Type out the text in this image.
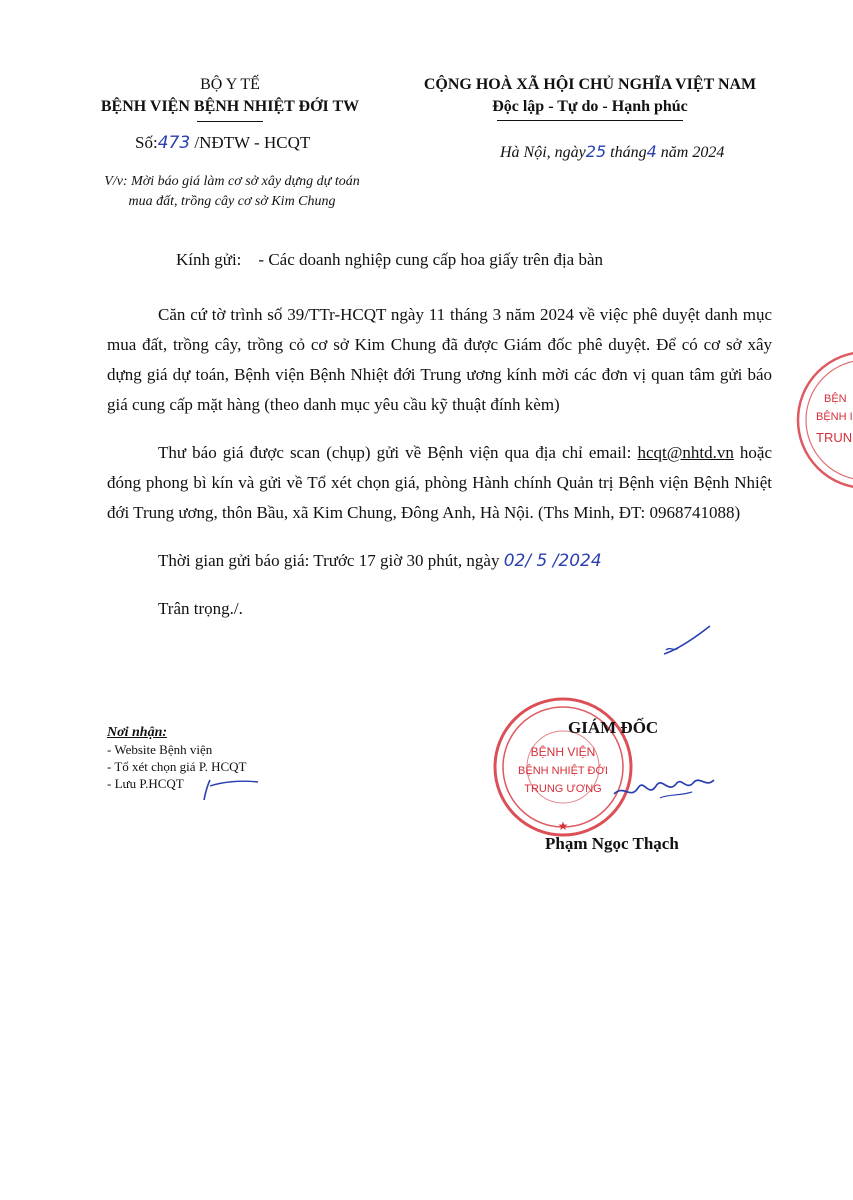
BỘ Y TẾ
BỆNH VIỆN BỆNH NHIỆT ĐỚI TW
Số:473 /NĐTW - HCQT
V/v: Mời báo giá làm cơ sở xây dựng dự toán
mua đất, trồng cây cơ sở Kim Chung
CỘNG HOÀ XÃ HỘI CHỦ NGHĨA VIỆT NAM
Độc lập - Tự do - Hạnh phúc
Hà Nội, ngày25 tháng4 năm 2024
Kính gửi: - Các doanh nghiệp cung cấp hoa giấy trên địa bàn

Căn cứ tờ trình số 39/TTr-HCQT ngày 11 tháng 3 năm 2024 về việc phê duyệt danh mục mua đất, trồng cây, trồng cỏ cơ sở Kim Chung đã được Giám đốc phê duyệt. Để có cơ sở xây dựng giá dự toán, Bệnh viện Bệnh Nhiệt đới Trung ương kính mời các đơn vị quan tâm gửi báo giá cung cấp mặt hàng (theo danh mục yêu cầu kỹ thuật đính kèm)

Thư báo giá được scan (chụp) gửi về Bệnh viện qua địa chỉ email: hcqt@nhtd.vn hoặc đóng phong bì kín và gửi về Tổ xét chọn giá, phòng Hành chính Quản trị Bệnh viện Bệnh Nhiệt đới Trung ương, thôn Bầu, xã Kim Chung, Đông Anh, Hà Nội. (Ths Minh, ĐT: 0968741088)

Thời gian gửi báo giá: Trước 17 giờ 30 phút, ngày 02/ 5 /2024

Trân trọng./.

Nơi nhận:
- Website Bệnh viện
- Tổ xét chọn giá P. HCQT
- Lưu P.HCQT
BỆNH VIỆN
BỆNH NHIỆT ĐỚI
TRUNG ƯƠNG
★
BỆN
BỆNH I
TRUN
GIÁM ĐỐC
Phạm Ngọc Thạch
